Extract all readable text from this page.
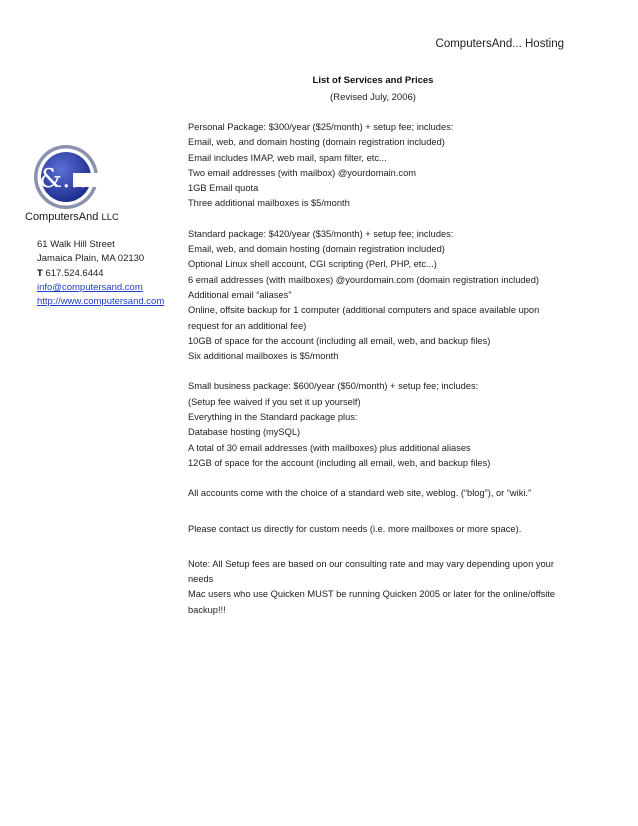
ComputersAnd... Hosting
List of Services and Prices
(Revised July, 2006)
&...
ComputersAnd LLC
61 Walk Hill Street
Jamaica Plain, MA 02130
T 617.524.6444
info@computersand.com
http://www.computersand.com
Personal Package: $300/year ($25/month) + setup fee; includes:
Email, web, and domain hosting (domain registration included)
Email includes IMAP, web mail, spam filter, etc...
Two email addresses (with mailbox) @yourdomain.com
1GB Email quota
Three additional mailboxes is $5/month
Standard package: $420/year ($35/month) + setup fee; includes:
Email, web, and domain hosting (domain registration included)
Optional Linux shell account, CGI scripting (Perl, PHP, etc...)
6 email addresses (with mailboxes) @yourdomain.com (domain registration included)
Additional email “aliases”
Online, offsite backup for 1 computer (additional computers and space available upon request for an additional fee)
10GB of space for the account (including all email, web, and backup files)
Six additional mailboxes is $5/month
Small business package: $600/year ($50/month) + setup fee; includes:
(Setup fee waived if you set it up yourself)
Everything in the Standard package plus:
Database hosting (mySQL)
A total of 30 email addresses (with mailboxes) plus additional aliases
12GB of space for the account (including all email, web, and backup files)
All accounts come with the choice of a standard web site, weblog. (“blog”), or “wiki.”
Please contact us directly for custom needs (i.e. more mailboxes or more space).
Note: All Setup fees are based on our consulting rate and may vary depending upon your needs
Mac users who use Quicken MUST be running Quicken 2005 or later for the online/offsite backup!!!
